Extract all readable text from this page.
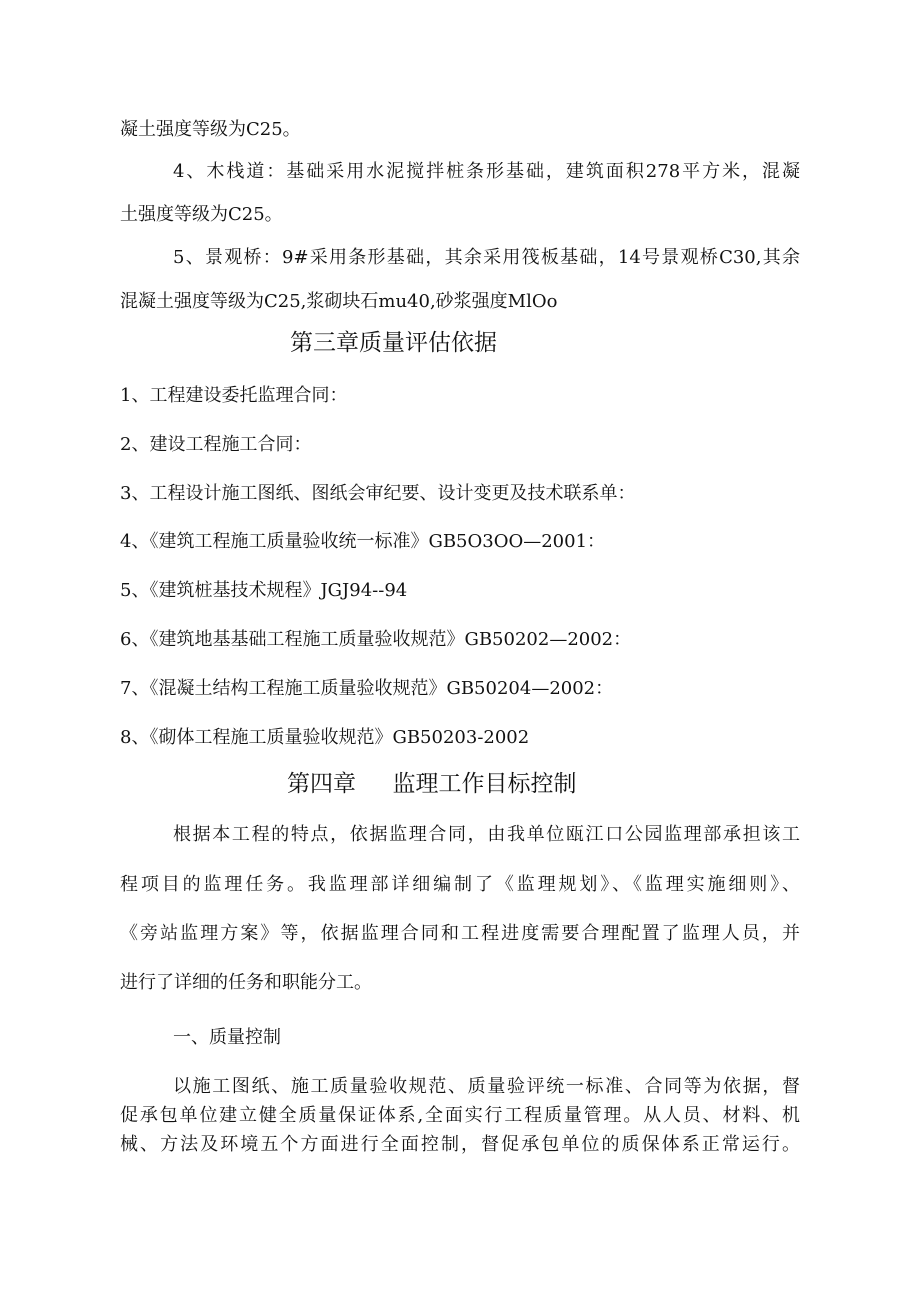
凝土强度等级为C25。
4、木栈道：基础采用水泥搅拌桩条形基础，建筑面积278平方米，混凝
土强度等级为C25。
5、景观桥：9#采用条形基础，其余采用筏板基础，14号景观桥C30,其余
混凝土强度等级为C25,浆砌块石mu40,砂浆强度MlOo
第三章质量评估依据
1、工程建设委托监理合同：
2、建设工程施工合同：
3、工程设计施工图纸、图纸会审纪要、设计变更及技术联系单：
4、《建筑工程施工质量验收统一标准》GB5O3OO—2001：
5、《建筑桩基技术规程》JGJ94--94
6、《建筑地基基础工程施工质量验收规范》GB50202—2002：
7、《混凝土结构工程施工质量验收规范》GB50204—2002：
8、《砌体工程施工质量验收规范》GB50203-2002
第四章     监理工作目标控制
根据本工程的特点，依据监理合同，由我单位瓯江口公园监理部承担该工
程项目的监理任务。我监理部详细编制了《监理规划》、《监理实施细则》、
《旁站监理方案》等，依据监理合同和工程进度需要合理配置了监理人员，并
进行了详细的任务和职能分工。
一、质量控制
以施工图纸、施工质量验收规范、质量验评统一标准、合同等为依据，督
促承包单位建立健全质量保证体系,全面实行工程质量管理。从人员、材料、机
械、方法及环境五个方面进行全面控制，督促承包单位的质保体系正常运行。
